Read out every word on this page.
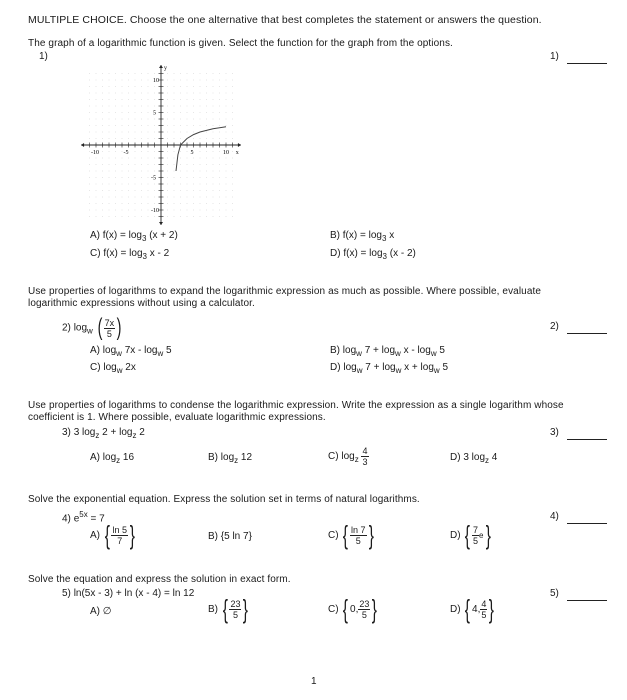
MULTIPLE CHOICE. Choose the one alternative that best completes the statement or answers the question.
The graph of a logarithmic function is given. Select the function for the graph from the options.
1)	1)
y
x
-10	-5	5	10
10
5
-5
-10
A) $f(x) = \log_3 (x + 2)$	B) $f(x) = \log_3 x$
C) $f(x) = \log_3 x - 2$	D) $f(x) = \log_3 (x - 2)$
Use properties of logarithms to expand the logarithmic expression as much as possible. Where possible, evaluate
logarithmic expressions without using a calculator.
2) $\log_w$ ( $\frac{7x}{5}$ )	2)
A) $\log_w 7x - \log_w 5$	B) $\log_w 7 + \log_w x - \log_w 5$
C) $\log_w 2x$	D) $\log_w 7 + \log_w x + \log_w 5$
Use properties of logarithms to condense the logarithmic expression. Write the expression as a single logarithm whose
coefficient is 1. Where possible, evaluate logarithmic expressions.
3) 3 $\log_z 2 + \log_z 2$	3)
A) $\log_z 16$	B) $\log_z 12$	C) $\log_z \frac{4}{3}$	D) 3 $\log_z 4$
Solve the exponential equation. Express the solution set in terms of natural logarithms.
4) $e^{5x} = 7$	4)
A) { $\frac{\ln 5}{7}$ }	B) {5 ln 7}	C) { $\frac{\ln 7}{5}$ }	D) { $\frac{7}{5} e$}
Solve the equation and express the solution in exact form.
5) ln(5x - 3) + ln (x - 4) = ln 12	5)
A) ∅	B) { $\frac{23}{5}$ }	C) { 0, $\frac{23}{5}$ }	D) { 4, $\frac{4}{5}$ }
1
